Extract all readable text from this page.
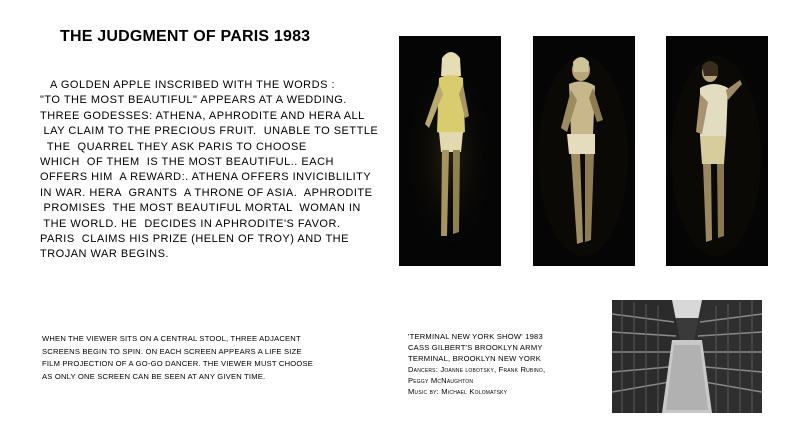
THE JUDGMENT OF PARIS 1983
A GOLDEN APPLE INSCRIBED WITH THE WORDS :
"TO THE MOST BEAUTIFUL" APPEARS AT A WEDDING.
THREE GODESSES: ATHENA, APHRODITE AND HERA ALL
LAY CLAIM TO THE PRECIOUS FRUIT.  UNABLE TO SETTLE
THE  QUARREL THEY ASK PARIS TO CHOOSE
WHICH  OF THEM  IS THE MOST BEAUTIFUL.. EACH
OFFERS HIM  A REWARD:. ATHENA OFFERS INVICIBLILITY
IN WAR. HERA  GRANTS  A THRONE OF ASIA.  APHRODITE
PROMISES  THE MOST BEAUTIFUL MORTAL  WOMAN IN
THE WORLD. HE  DECIDES IN APHRODITE'S FAVOR.
PARIS  CLAIMS HIS PRIZE (HELEN OF TROY) AND THE
TROJAN WAR BEGINS.
WHEN THE VIEWER SITS ON A CENTRAL STOOL, THREE ADJACENT
SCREENS BEGIN TO SPIN. ON EACH SCREEN APPEARS A LIFE SIZE
FILM PROJECTION OF A GO-GO DANCER. THE VIEWER MUST CHOOSE
AS ONLY ONE SCREEN CAN BE SEEN AT ANY GIVEN TIME.
'TERMINAL NEW YORK SHOW' 1983
CASS GILBERT'S BROOKLYN ARMY
TERMINAL, BROOKLYN NEW YORK
Dancers: Joanne lobotsky, Frank Rubino,
Peggy McNaughton
Music by: Michael Kolomatsky
